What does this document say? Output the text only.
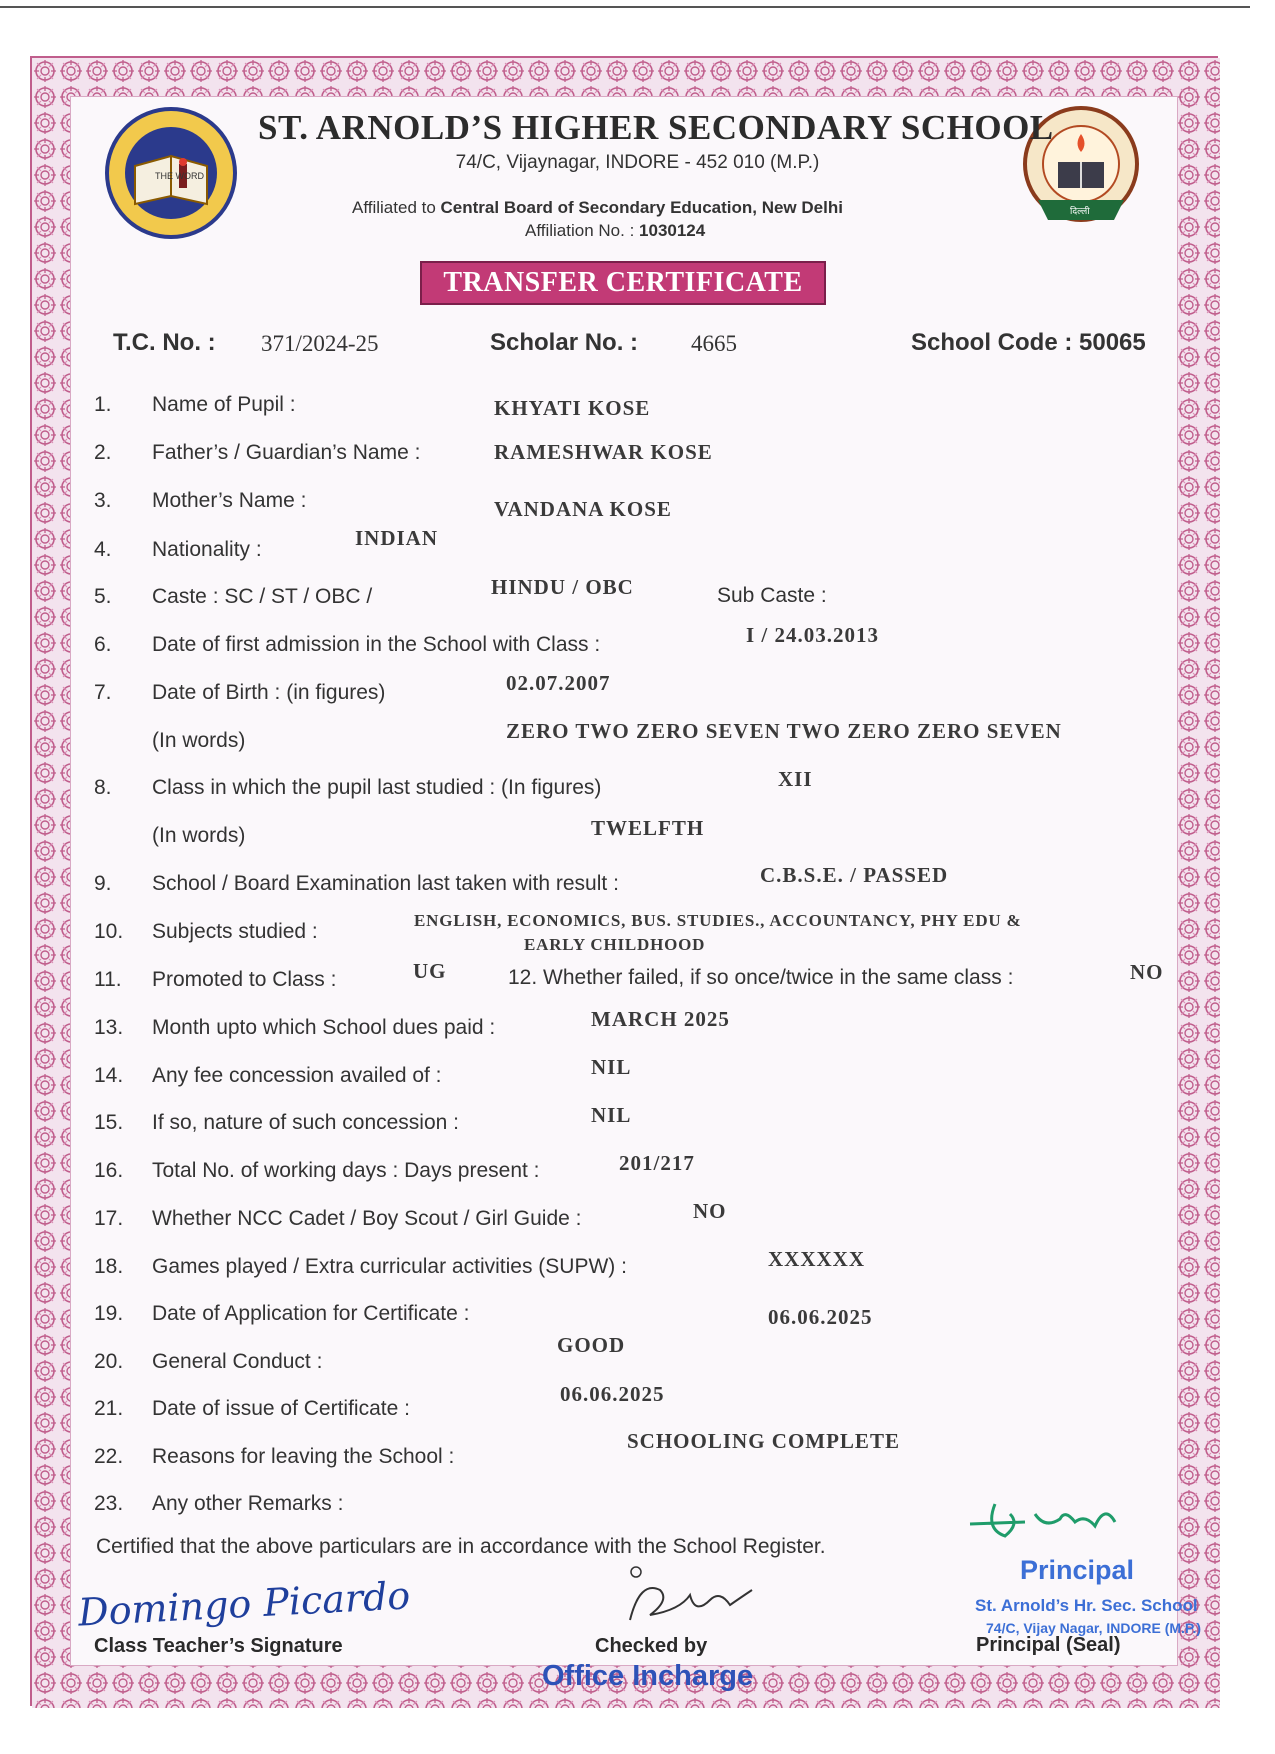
THE WORD
दिल्ली
ST. ARNOLD’S HIGHER SECONDARY SCHOOL
74/C, Vijaynagar, INDORE - 452 010 (M.P.)
Affiliated to Central Board of Secondary Education, New Delhi
Affiliation No. : 1030124
TRANSFER CERTIFICATE
T.C. No. : 371/2024-25	Scholar No. : 4665	School Code : 50065
1. Name of Pupil :	KHYATI KOSE
2. Father’s / Guardian’s Name :	RAMESHWAR KOSE
3. Mother’s Name :	VANDANA KOSE
4. Nationality :	INDIAN
5. Caste : SC / ST / OBC /	HINDU / OBC	Sub Caste :
6. Date of first admission in the School with Class :	I / 24.03.2013
7. Date of Birth : (in figures)	02.07.2007
(In words)	ZERO TWO ZERO SEVEN TWO ZERO ZERO SEVEN
8. Class in which the pupil last studied : (In figures)	XII
(In words)	TWELFTH
9. School / Board Examination last taken with result :	C.B.S.E. / PASSED
10. Subjects studied :	ENGLISH, ECONOMICS, BUS. STUDIES., ACCOUNTANCY, PHY EDU &
EARLY CHILDHOOD
11. Promoted to Class :	UG	12. Whether failed, if so once/twice in the same class :	NO
13. Month upto which School dues paid :	MARCH 2025
14. Any fee concession availed of :	NIL
15. If so, nature of such concession :	NIL
16. Total No. of working days : Days present :	201/217
17. Whether NCC Cadet / Boy Scout / Girl Guide :	NO
18. Games played / Extra curricular activities (SUPW) :	XXXXXX
19. Date of Application for Certificate :	06.06.2025
20. General Conduct :
GOOD
21. Date of issue of Certificate :
06.06.2025
22. Reasons for leaving the School :
SCHOOLING COMPLETE
23. Any other Remarks :
Certified that the above particulars are in accordance with the School Register.
Domingo Picardo
Class Teacher’s Signature	Checked by
Office Incharge
Principal
St. Arnold’s Hr. Sec. School
74/C, Vijay Nagar, INDORE (M.P.)
Principal (Seal)
